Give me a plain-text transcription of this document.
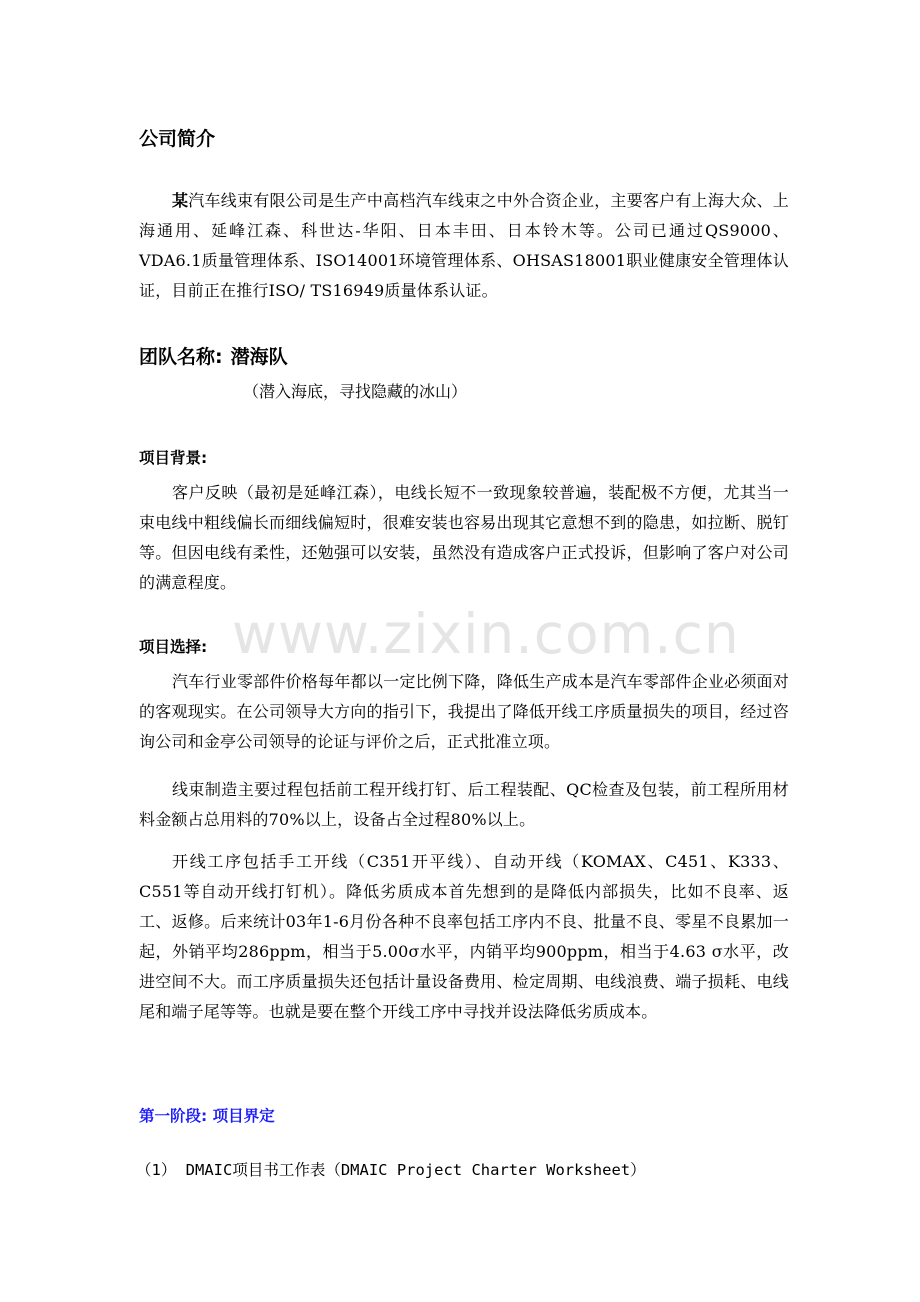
公司简介
某汽车线束有限公司是生产中高档汽车线束之中外合资企业，主要客户有上海大众、上海通用、延峰江森、科世达-华阳、日本丰田、日本铃木等。公司已通过QS9000、VDA6.1质量管理体系、ISO14001环境管理体系、OHSAS18001职业健康安全管理体认证，目前正在推行ISO/ TS16949质量体系认证。
团队名称: 潜海队
（潜入海底，寻找隐藏的冰山）
项目背景:
客户反映（最初是延峰江森），电线长短不一致现象较普遍，装配极不方便，尤其当一束电线中粗线偏长而细线偏短时，很难安装也容易出现其它意想不到的隐患，如拉断、脱钉等。但因电线有柔性，还勉强可以安装，虽然没有造成客户正式投诉，但影响了客户对公司的满意程度。
www.zixin.com.cn
项目选择:
汽车行业零部件价格每年都以一定比例下降，降低生产成本是汽车零部件企业必须面对的客观现实。在公司领导大方向的指引下，我提出了降低开线工序质量损失的项目，经过咨询公司和金亭公司领导的论证与评价之后，正式批准立项。
线束制造主要过程包括前工程开线打钉、后工程装配、QC检查及包装，前工程所用材料金额占总用料的70%以上，设备占全过程80%以上。
开线工序包括手工开线（C351开平线）、自动开线（KOMAX、C451、K333、C551等自动开线打钉机）。降低劣质成本首先想到的是降低内部损失，比如不良率、返工、返修。后来统计03年1-6月份各种不良率包括工序内不良、批量不良、零星不良累加一起，外销平均286ppm，相当于5.00σ水平，内销平均900ppm，相当于4.63 σ水平，改进空间不大。而工序质量损失还包括计量设备费用、检定周期、电线浪费、端子损耗、电线尾和端子尾等等。也就是要在整个开线工序中寻找并设法降低劣质成本。
第一阶段: 项目界定
（1） DMAIC项目书工作表（DMAIC Project Charter Worksheet）
